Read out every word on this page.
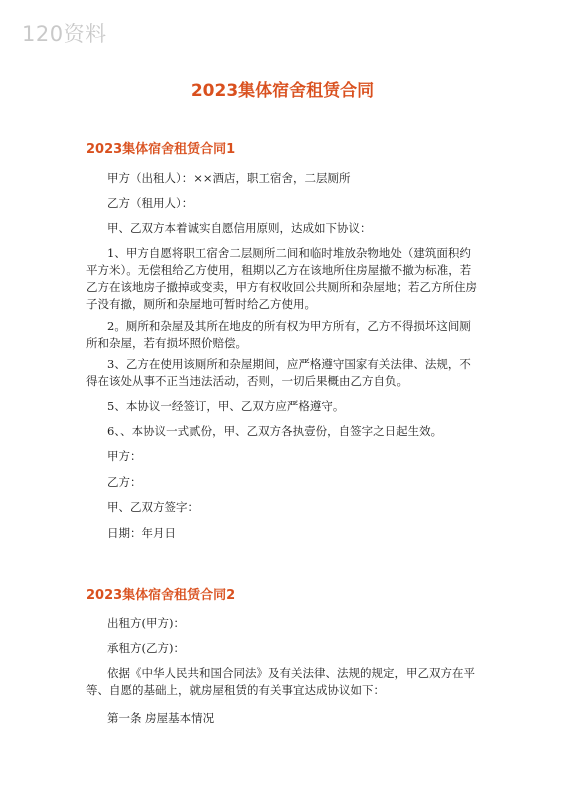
120资料
2023集体宿舍租赁合同
2023集体宿舍租赁合同1
甲方（出租人）：××酒店，职工宿舍，二层厕所
乙方（租用人）：
甲、乙双方本着诚实自愿信用原则，达成如下协议：
1、甲方自愿将职工宿舍二层厕所二间和临时堆放杂物地处（建筑面积约平方米）。无偿租给乙方使用，租期以乙方在该地所住房屋撤不撤为标准，若乙方在该地房子撤掉或变卖，甲方有权收回公共厕所和杂屋地；若乙方所住房子没有撤，厕所和杂屋地可暂时给乙方使用。
2。厕所和杂屋及其所在地皮的所有权为甲方所有，乙方不得损坏这间厕所和杂屋，若有损坏照价赔偿。
3、乙方在使用该厕所和杂屋期间，应严格遵守国家有关法律、法规，不得在该处从事不正当违法活动，否则，一切后果概由乙方自负。
5、本协议一经签订，甲、乙双方应严格遵守。
6、、本协议一式贰份，甲、乙双方各执壹份，自签字之日起生效。
甲方：
乙方：
甲、乙双方签字：
日期：年月日
2023集体宿舍租赁合同2
出租方(甲方)：
承租方(乙方)：
依据《中华人民共和国合同法》及有关法律、法规的规定，甲乙双方在平等、自愿的基础上，就房屋租赁的有关事宜达成协议如下：
第一条 房屋基本情况
